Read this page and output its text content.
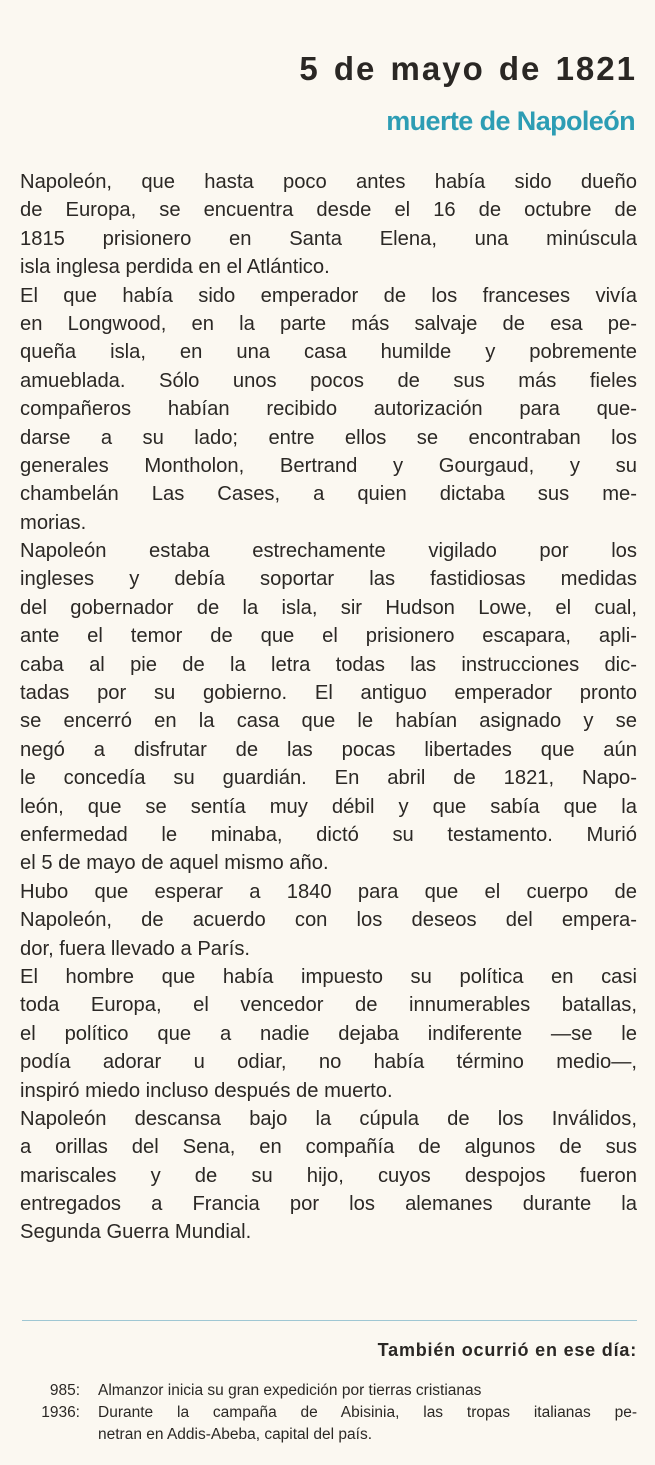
5 de mayo de 1821
muerte de Napoleón
Napoleón, que hasta poco antes había sido dueño
de Europa, se encuentra desde el 16 de octubre de
1815 prisionero en Santa Elena, una minúscula
isla inglesa perdida en el Atlántico.
El que había sido emperador de los franceses vivía
en Longwood, en la parte más salvaje de esa pe-
queña isla, en una casa humilde y pobremente
amueblada. Sólo unos pocos de sus más fieles
compañeros habían recibido autorización para que-
darse a su lado; entre ellos se encontraban los
generales Montholon, Bertrand y Gourgaud, y su
chambelán Las Cases, a quien dictaba sus me-
morias.
Napoleón estaba estrechamente vigilado por los
ingleses y debía soportar las fastidiosas medidas
del gobernador de la isla, sir Hudson Lowe, el cual,
ante el temor de que el prisionero escapara, apli-
caba al pie de la letra todas las instrucciones dic-
tadas por su gobierno. El antiguo emperador pronto
se encerró en la casa que le habían asignado y se
negó a disfrutar de las pocas libertades que aún
le concedía su guardián. En abril de 1821, Napo-
león, que se sentía muy débil y que sabía que la
enfermedad le minaba, dictó su testamento. Murió
el 5 de mayo de aquel mismo año.
Hubo que esperar a 1840 para que el cuerpo de
Napoleón, de acuerdo con los deseos del empera-
dor, fuera llevado a París.
El hombre que había impuesto su política en casi
toda Europa, el vencedor de innumerables batallas,
el político que a nadie dejaba indiferente —se le
podía adorar u odiar, no había término medio—,
inspiró miedo incluso después de muerto.
Napoleón descansa bajo la cúpula de los Inválidos,
a orillas del Sena, en compañía de algunos de sus
mariscales y de su hijo, cuyos despojos fueron
entregados a Francia por los alemanes durante la
Segunda Guerra Mundial.
También ocurrió en ese día:
985:	Almanzor inicia su gran expedición por tierras cristianas
1936:	Durante la campaña de Abisinia, las tropas italianas pe-
netran en Addis-Abeba, capital del país.
